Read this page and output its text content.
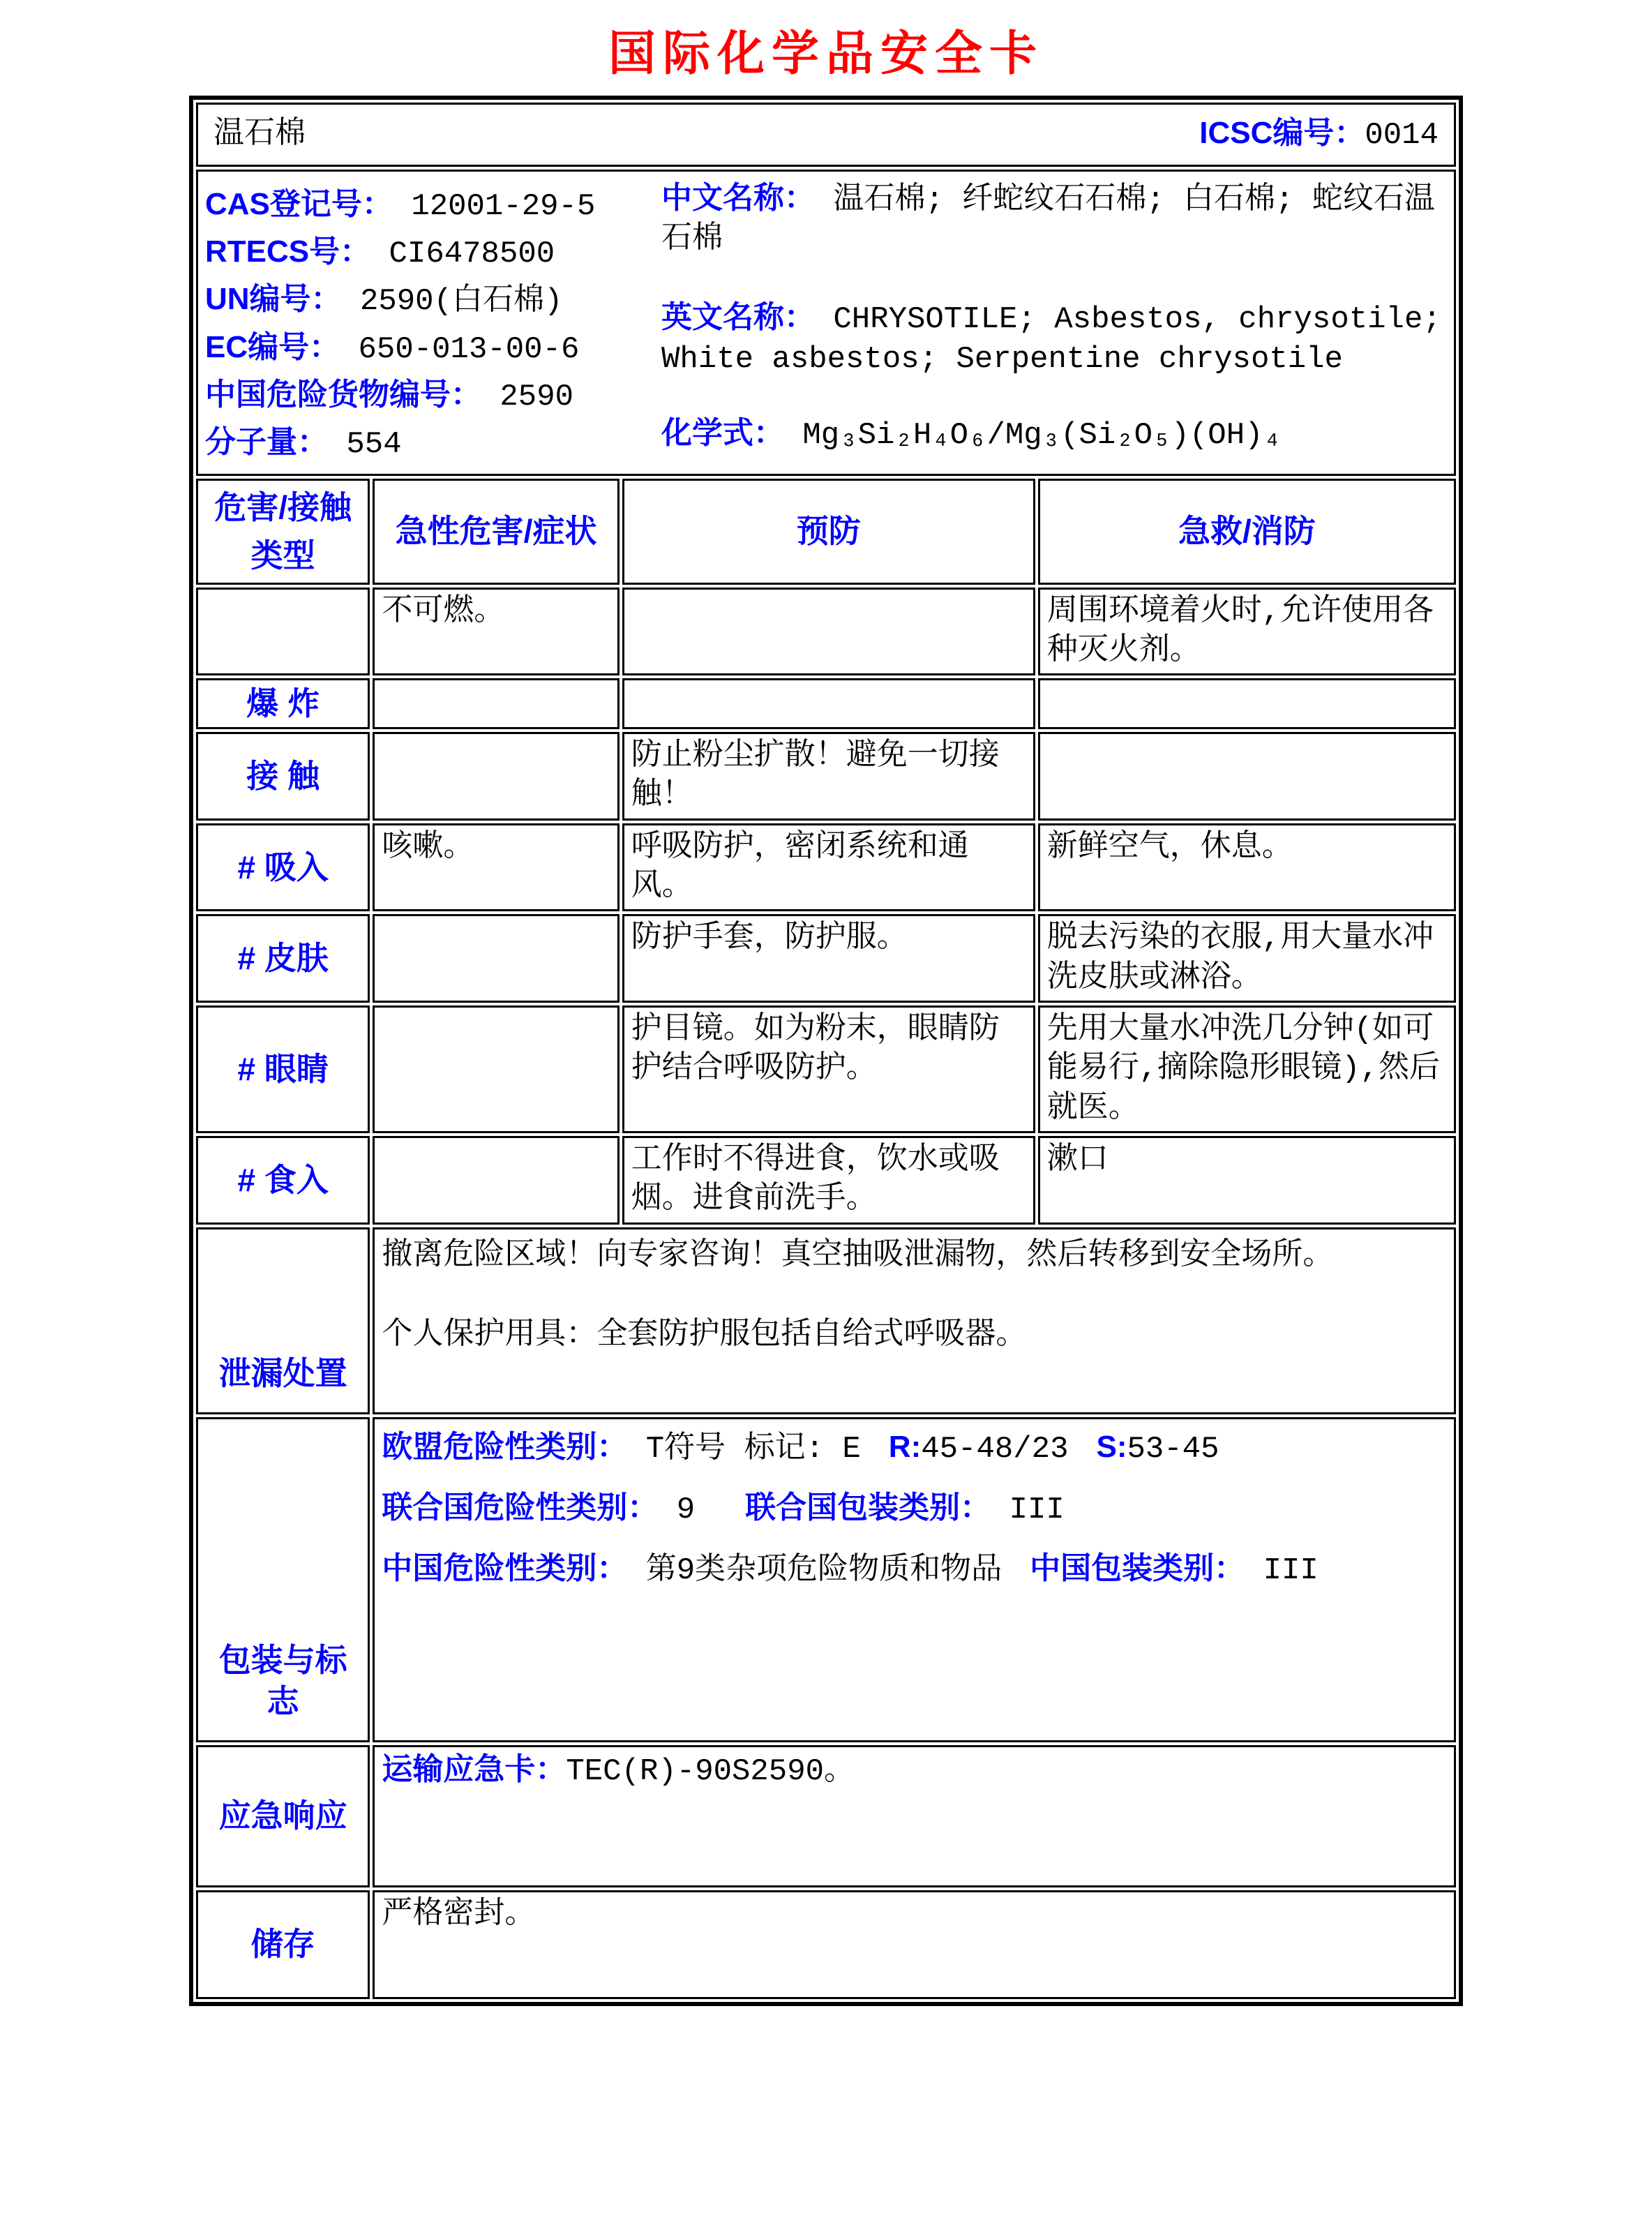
国际化学品安全卡
温石棉 ICSC编号：0014			

CAS登记号： 12001-29-5

RTECS号： CI6478500

UN编号： 2590(白石棉)

EC编号： 650-013-00-6

中国危险货物编号： 2590

分子量： 554

中文名称： 温石棉; 纤蛇纹石石棉; 白石棉; 蛇纹石温石棉

英文名称： CHRYSOTILE; Asbestos, chrysotile; White asbestos; Serpentine chrysotile

化学式： Mg₃Si₂H₄O₆/Mg₃(Si₂O₅)(OH)₄

危害/接触类型	急性危害/症状	预防	急救/消防
	不可燃。		周围环境着火时,允许使用各种灭火剂。
爆 炸			
接 触		防止粉尘扩散！避免一切接触！	
# 吸入	咳嗽。	呼吸防护，密闭系统和通风。	新鲜空气，休息。
# 皮肤		防护手套，防护服。	脱去污染的衣服,用大量水冲洗皮肤或淋浴。
# 眼睛		护目镜。如为粉末，眼睛防护结合呼吸防护。	先用大量水冲洗几分钟(如可能易行,摘除隐形眼镜),然后就医。
# 食入		工作时不得进食，饮水或吸烟。进食前洗手。	漱口
泄漏处置	撤离危险区域！向专家咨询！真空抽吸泄漏物，然后转移到安全场所。

个人保护用具：全套防护服包括自给式呼吸器。		

包装与标志	欧盟危险性类别： T符号 标记: E R:45-48/23 S:53-45

联合国危险性类别： 9 联合国包装类别： III

中国危险性类别： 第9类杂项危险物质和物品 中国包装类别： III		

应急响应	运输应急卡：TEC(R)-90S2590。		

储存	严格密封。		
